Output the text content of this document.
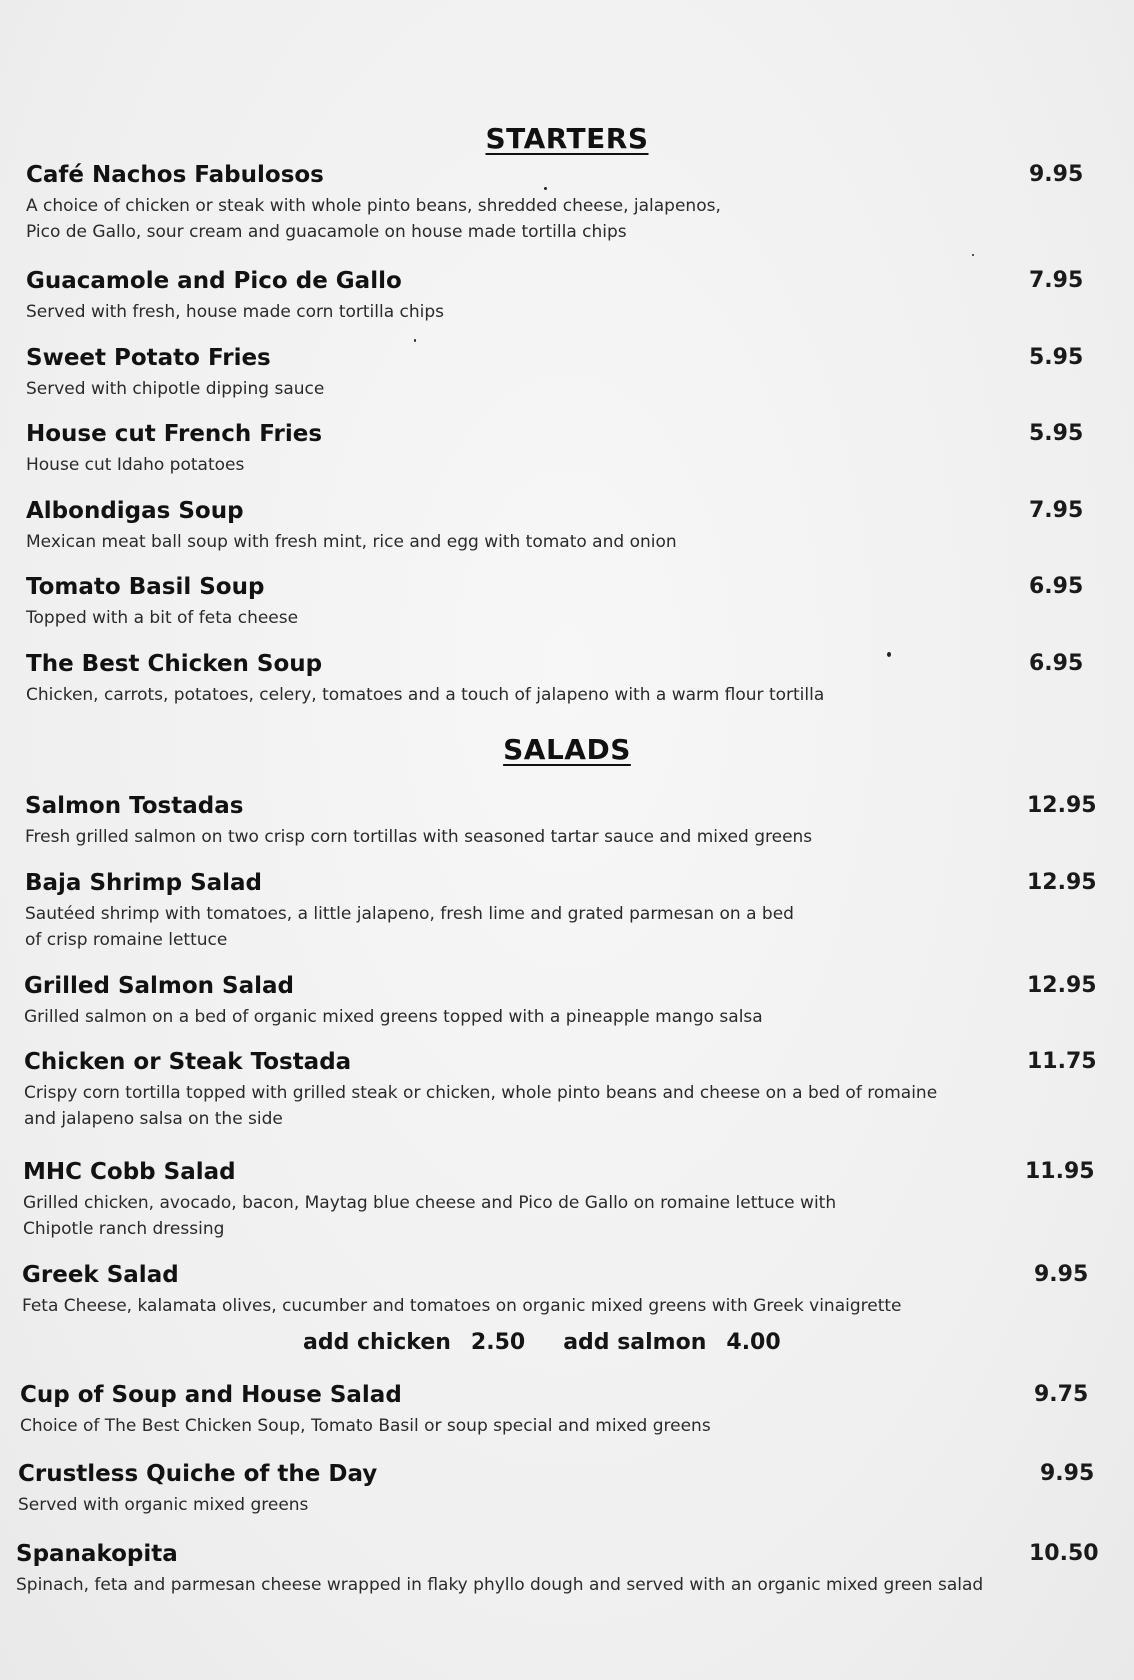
STARTERS
Café Nachos Fabulosos	9.95
A choice of chicken or steak with whole pinto beans, shredded cheese, jalapenos,
Pico de Gallo, sour cream and guacamole on house made tortilla chips
Guacamole and Pico de Gallo	7.95
Served with fresh, house made corn tortilla chips
Sweet Potato Fries	5.95
Served with chipotle dipping sauce
House cut French Fries	5.95
House cut Idaho potatoes
Albondigas Soup	7.95
Mexican meat ball soup with fresh mint, rice and egg with tomato and onion
Tomato Basil Soup	6.95
Topped with a bit of feta cheese
The Best Chicken Soup	6.95
Chicken, carrots, potatoes, celery, tomatoes and a touch of jalapeno with a warm flour tortilla
SALADS
Salmon Tostadas	12.95
Fresh grilled salmon on two crisp corn tortillas with seasoned tartar sauce and mixed greens
Baja Shrimp Salad	12.95
Sautéed shrimp with tomatoes, a little jalapeno, fresh lime and grated parmesan on a bed
of crisp romaine lettuce
Grilled Salmon Salad	12.95
Grilled salmon on a bed of organic mixed greens topped with a pineapple mango salsa
Chicken or Steak Tostada	11.75
Crispy corn tortilla topped with grilled steak or chicken, whole pinto beans and cheese on a bed of romaine
and jalapeno salsa on the side
MHC Cobb Salad	11.95
Grilled chicken, avocado, bacon, Maytag blue cheese and Pico de Gallo on romaine lettuce with
Chipotle ranch dressing
Greek Salad	9.95
Feta Cheese, kalamata olives, cucumber and tomatoes on organic mixed greens with Greek vinaigrette
add chicken 2.50 add salmon 4.00
Cup of Soup and House Salad	9.75
Choice of The Best Chicken Soup, Tomato Basil or soup special and mixed greens
Crustless Quiche of the Day	9.95
Served with organic mixed greens
Spanakopita	10.50
Spinach, feta and parmesan cheese wrapped in flaky phyllo dough and served with an organic mixed green salad
